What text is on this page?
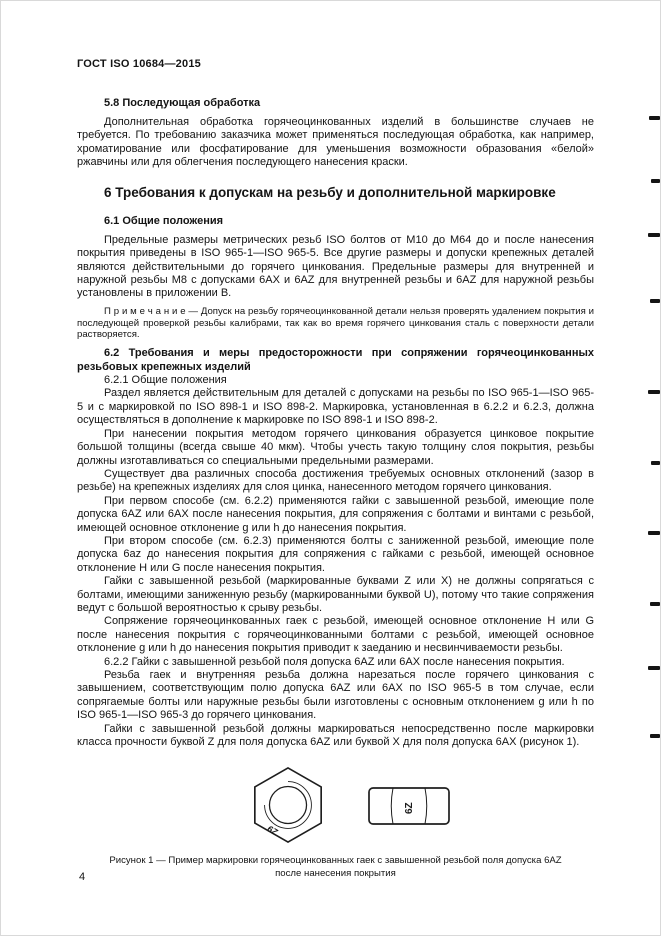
ГОСТ ISO 10684—2015

5.8 Последующая обработка

Дополнительная обработка горячеоцинкованных изделий в большинстве случаев не требуется. По требованию заказчика может применяться последующая обработка, как например, хроматирование или фосфатирование для уменьшения возможности образования «белой» ржавчины или для облегчения последующего нанесения краски.

6 Требования к допускам на резьбу и дополнительной маркировке

6.1 Общие положения

Предельные размеры метрических резьб ISO болтов от М10 до М64 до и после нанесения покрытия приведены в ISO 965-1—ISO 965-5. Все другие размеры и допуски крепежных деталей являются действительными до горячего цинкования. Предельные размеры для внутренней и наружной резьбы М8 с допусками 6АХ и 6AZ для внутренней резьбы и 6AZ для наружной резьбы установлены в приложении В.

П р и м е ч а н и е — Допуск на резьбу горячеоцинкованной детали нельзя проверять удалением покрытия и последующей проверкой резьбы калибрами, так как во время горячего цинкования сталь с поверхности детали растворяется.

6.2 Требования и меры предосторожности при сопряжении горячеоцинкованных резьбовых крепежных изделий

6.2.1 Общие положения

Раздел является действительным для деталей с допусками на резьбы по ISO 965-1—ISO 965-5 и с маркировкой по ISO 898-1 и ISO 898-2. Маркировка, установленная в 6.2.2 и 6.2.3, должна осуществляться в дополнение к маркировке по ISO 898-1 и ISO 898-2.

При нанесении покрытия методом горячего цинкования образуется цинковое покрытие большой толщины (всегда свыше 40 мкм). Чтобы учесть такую толщину слоя покрытия, резьбы должны изготавливаться со специальными предельными размерами.

Существует два различных способа достижения требуемых основных отклонений (зазор в резьбе) на крепежных изделиях для слоя цинка, нанесенного методом горячего цинкования.

При первом способе (см. 6.2.2) применяются гайки с завышенной резьбой, имеющие поле допуска 6AZ или 6АХ после нанесения покрытия, для сопряжения с болтами и винтами с резьбой, имеющей основное отклонение g или h до нанесения покрытия.

При втором способе (см. 6.2.3) применяются болты с заниженной резьбой, имеющие поле допуска 6az до нанесения покрытия для сопряжения с гайками с резьбой, имеющей основное отклонение Н или G после нанесения покрытия.

Гайки с завышенной резьбой (маркированные буквами Z или X) не должны сопрягаться с болтами, имеющими заниженную резьбу (маркированными буквой U), потому что такие сопряжения ведут с большой вероятностью к срыву резьбы.

Сопряжение горячеоцинкованных гаек с резьбой, имеющей основное отклонение Н или G после нанесения покрытия с горячеоцинкованными болтами с резьбой, имеющей основное отклонение g или h до нанесения покрытия приводит к заеданию и несвинчиваемости резьбы.

6.2.2 Гайки с завышенной резьбой поля допуска 6AZ или 6АХ после нанесения покрытия.

Резьба гаек и внутренняя резьба должна нарезаться после горячего цинкования с завышением, соответствующим полю допуска 6AZ или 6АХ по ISO 965-5 в том случае, если сопрягаемые болты или наружные резьбы были изготовлены с основным отклонением g или h по ISO 965-1—ISO 965-3 до горячего цинкования.

Гайки с завышенной резьбой должны маркироваться непосредственно после маркировки класса прочности буквой Z для поля допуска 6AZ или буквой X для поля допуска 6АХ (рисунок 1).

6Z
6Z

Рисунок 1 — Пример маркировки горячеоцинкованных гаек с завышенной резьбой поля допуска 6AZ после нанесения покрытия

4
